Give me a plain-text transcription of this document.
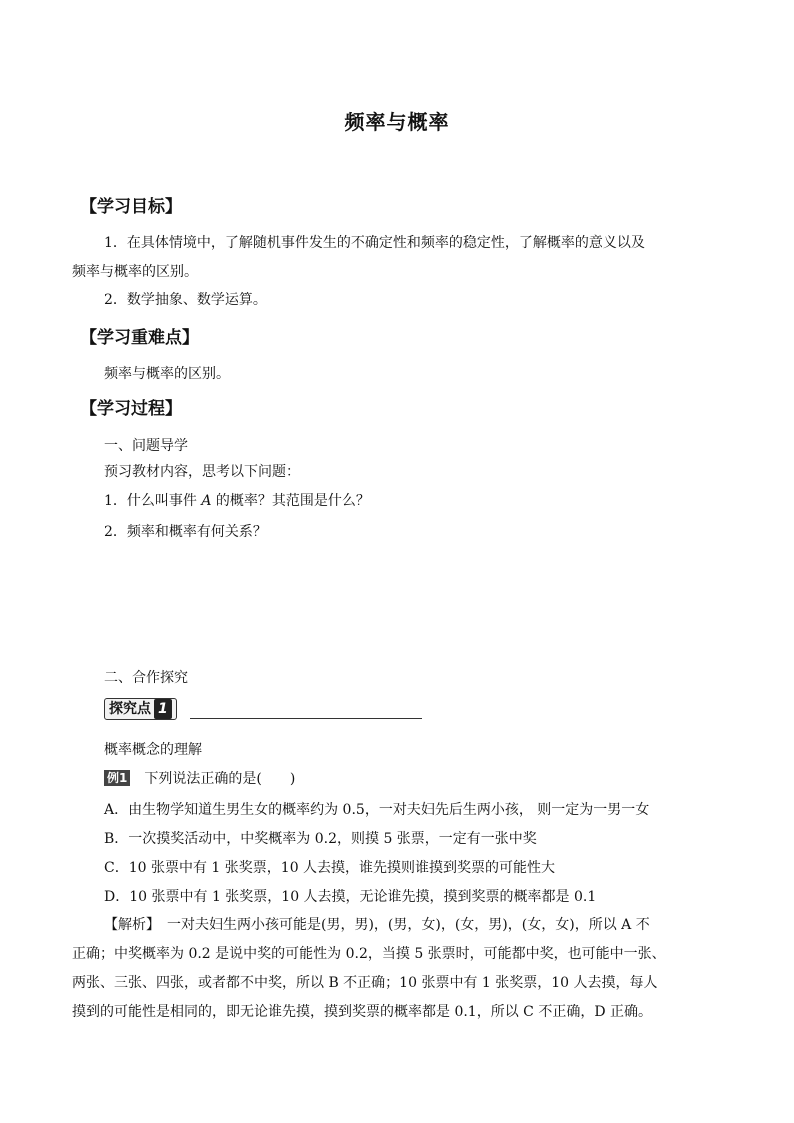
频率与概率
【学习目标】
1．在具体情境中，了解随机事件发生的不确定性和频率的稳定性，了解概率的意义以及
频率与概率的区别。
2．数学抽象、数学运算。
【学习重难点】
频率与概率的区别。
【学习过程】
一、问题导学
预习教材内容，思考以下问题：
1．什么叫事件 A 的概率？其范围是什么？
2．频率和概率有何关系？
二、合作探究
探究点 1
概率概念的理解
例1 下列说法正确的是(　　)
A．由生物学知道生男生女的概率约为 0.5，一对夫妇先后生两小孩， 则一定为一男一女
B．一次摸奖活动中，中奖概率为 0.2，则摸 5 张票，一定有一张中奖
C．10 张票中有 1 张奖票，10 人去摸，谁先摸则谁摸到奖票的可能性大
D．10 张票中有 1 张奖票，10 人去摸，无论谁先摸，摸到奖票的概率都是 0.1
【解析】　一对夫妇生两小孩可能是(男，男)，(男，女)，(女，男)，(女，女)，所以 A 不
正确；中奖概率为 0.2 是说中奖的可能性为 0.2，当摸 5 张票时，可能都中奖，也可能中一张、
两张、三张、四张，或者都不中奖，所以 B 不正确；10 张票中有 1 张奖票，10 人去摸，每人
摸到的可能性是相同的，即无论谁先摸，摸到奖票的概率都是 0.1，所以 C 不正确，D 正确。
